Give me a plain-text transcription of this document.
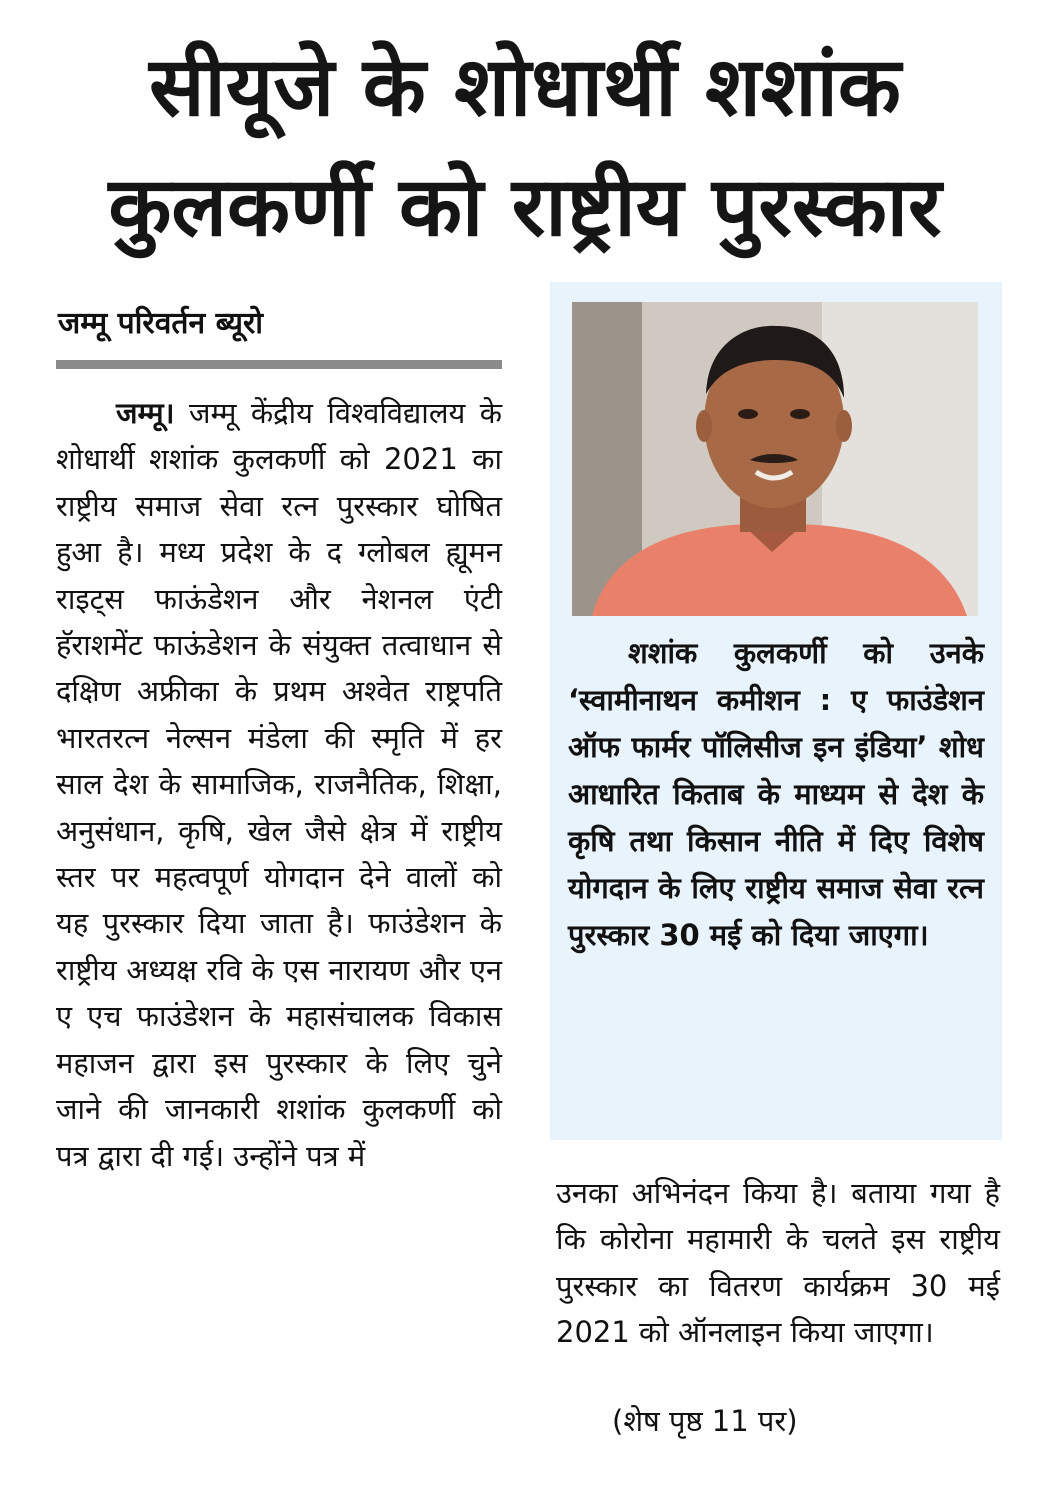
सीयूजे के शोधार्थी शशांक
कुलकर्णी को राष्ट्रीय पुरस्कार

जम्मू परिवर्तन ब्यूरो

जम्मू। जम्मू केंद्रीय विश्वविद्यालय के शोधार्थी शशांक कुलकर्णी को 2021 का राष्ट्रीय समाज सेवा रत्न पुरस्कार घोषित हुआ है। मध्य प्रदेश के द ग्लोबल ह्यूमन राइट्स फाऊंडेशन और नेशनल एंटी हॅराशमेंट फाऊंडेशन के संयुक्त तत्वाधान से दक्षिण अफ्रीका के प्रथम अश्वेत राष्ट्रपति भारतरत्न नेल्सन मंडेला की स्मृति में हर साल देश के सामाजिक, राजनैतिक, शिक्षा, अनुसंधान, कृषि, खेल जैसे क्षेत्र में राष्ट्रीय स्तर पर महत्वपूर्ण योगदान देने वालों को यह पुरस्कार दिया जाता है। फाउंडेशन के राष्ट्रीय अध्यक्ष रवि के एस नारायण और एन ए एच फाउंडेशन के महासंचालक विकास महाजन द्वारा इस पुरस्कार के लिए चुने जाने की जानकारी शशांक कुलकर्णी को पत्र द्वारा दी गई। उन्होंने पत्र में

शशांक कुलकर्णी को उनके ‘स्वामीनाथन कमीशन : ए फाउंडेशन ऑफ फार्मर पॉलिसीज इन इंडिया’ शोध आधारित किताब के माध्यम से देश के कृषि तथा किसान नीति में दिए विशेष योगदान के लिए राष्ट्रीय समाज सेवा रत्न पुरस्कार 30 मई को दिया जाएगा।

उनका अभिनंदन किया है। बताया गया है कि कोरोना महामारी के चलते इस राष्ट्रीय पुरस्कार का वितरण कार्यक्रम 30 मई 2021 को ऑनलाइन किया जाएगा।

(शेष पृष्ठ 11 पर)
